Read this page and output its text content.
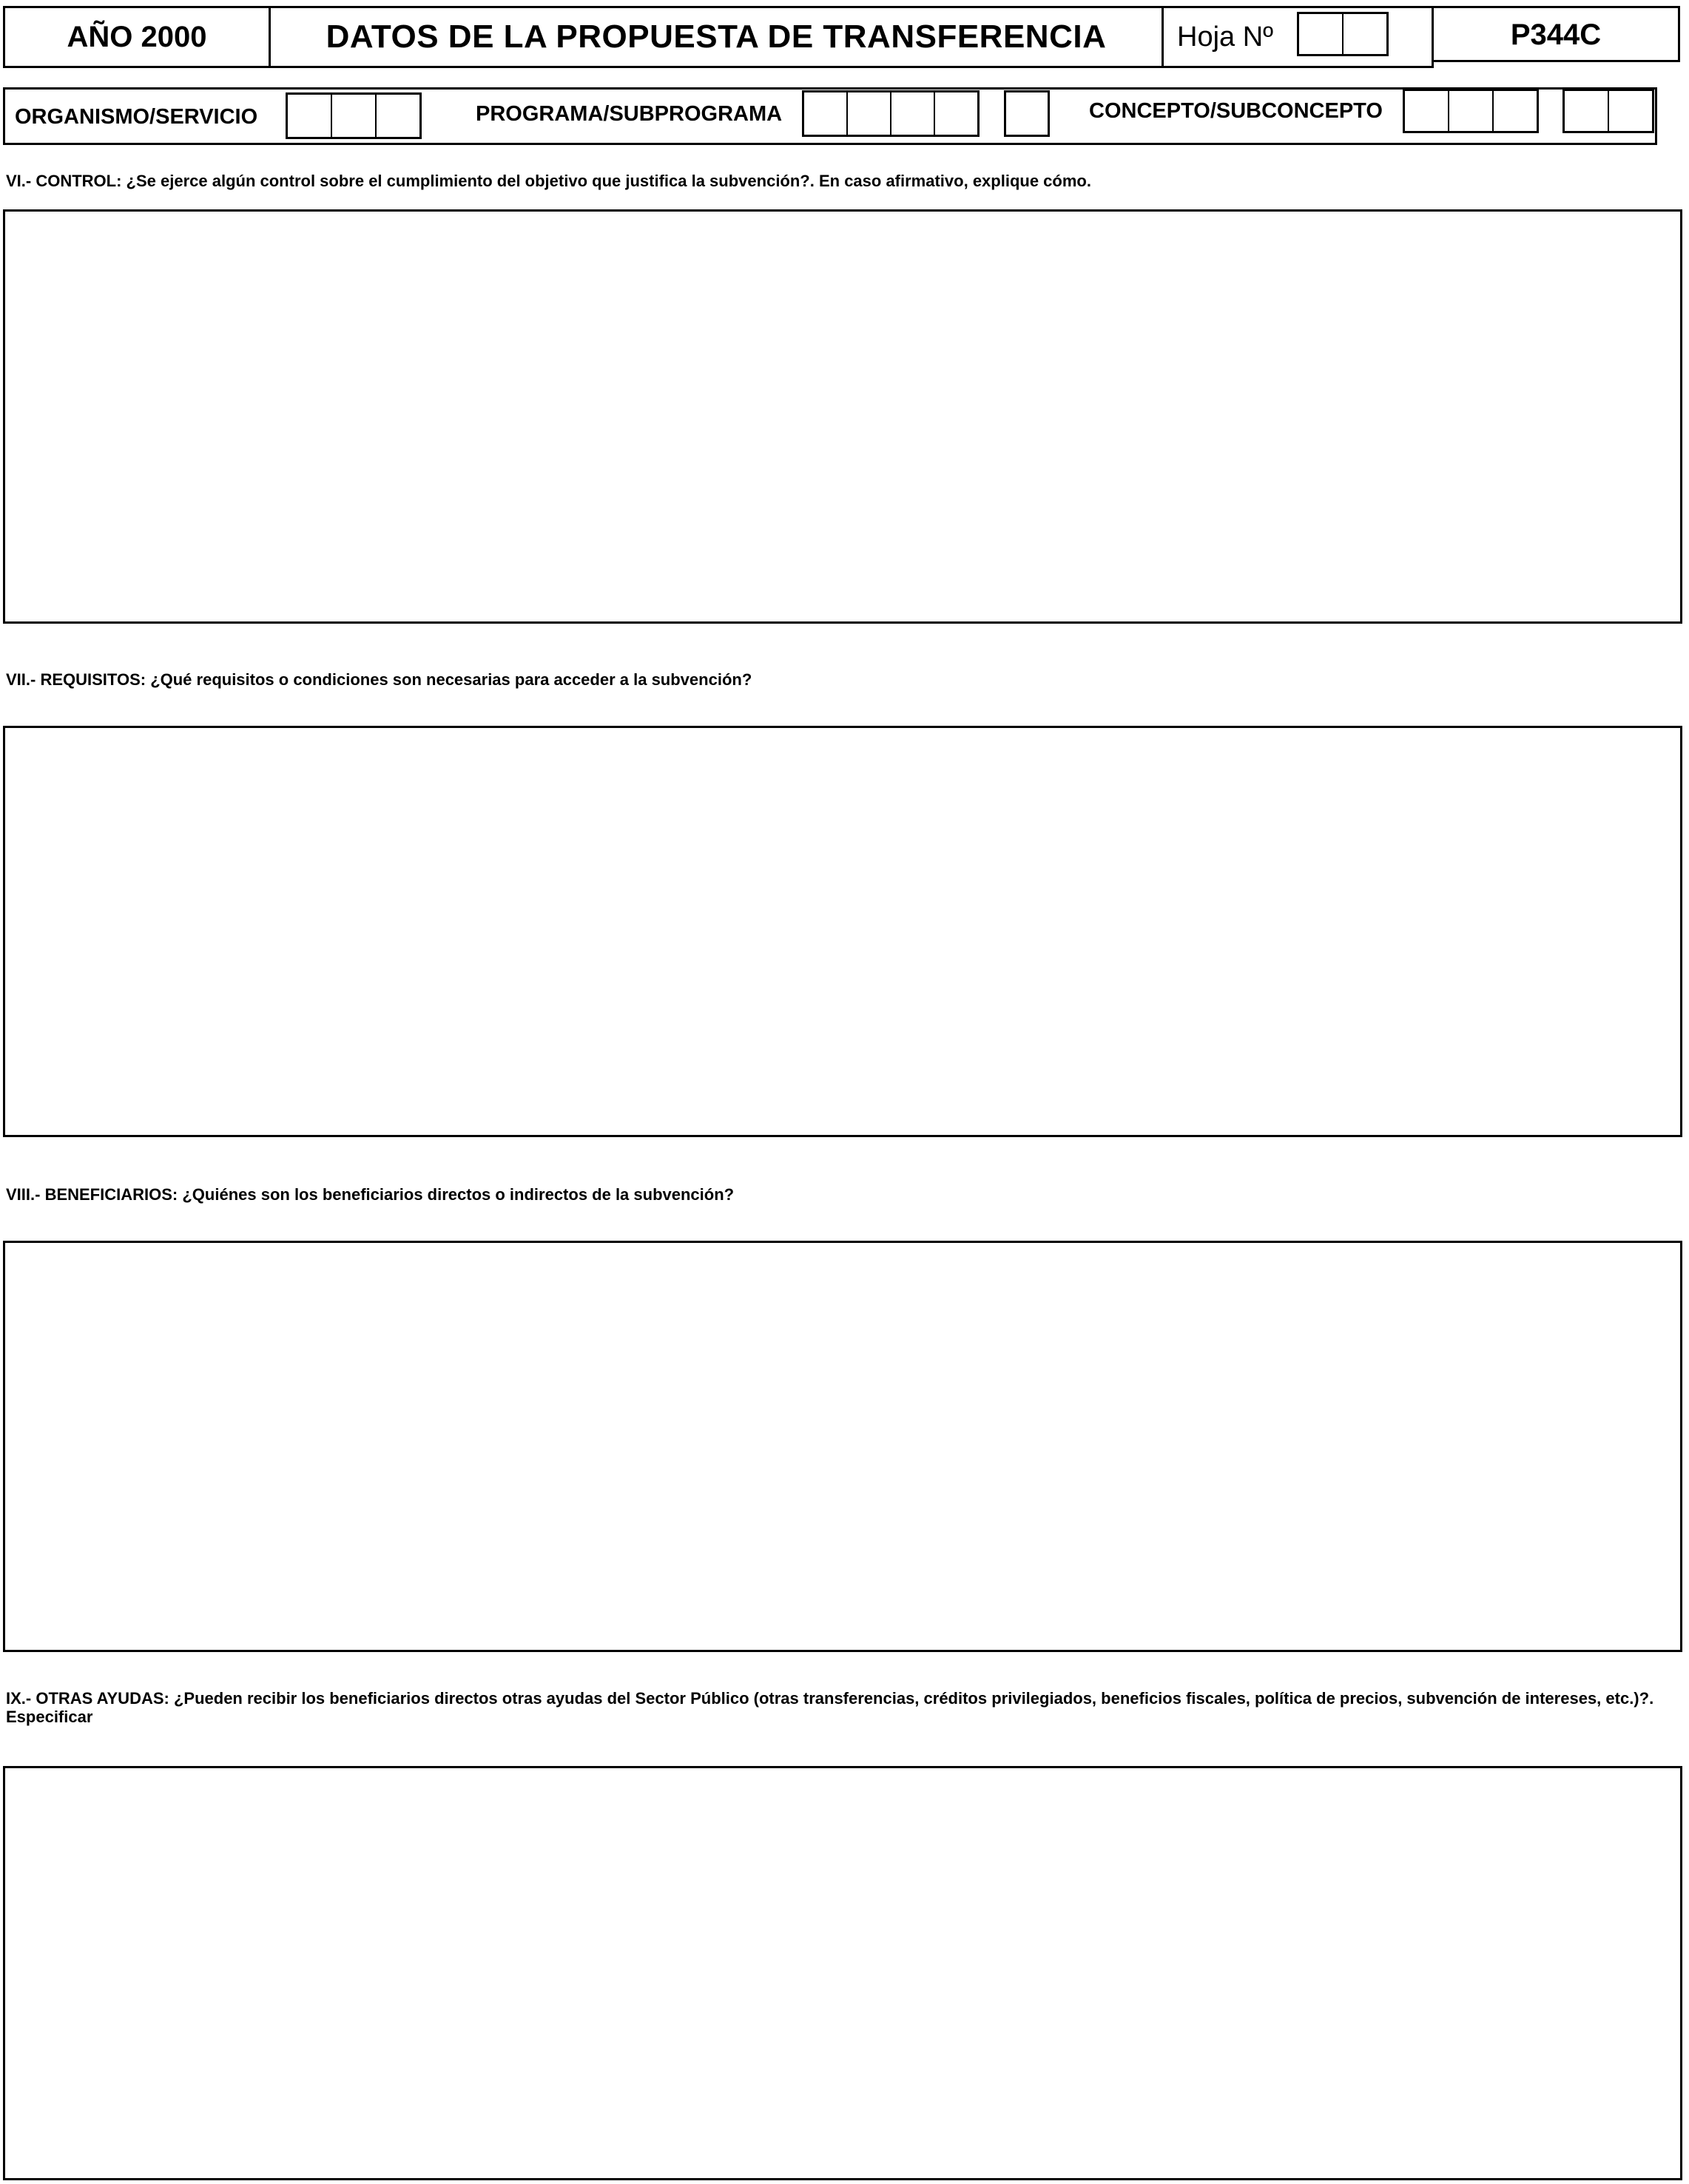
AÑO 2000	DATOS DE LA PROPUESTA DE TRANSFERENCIA	Hoja Nº	P344C
ORGANISMO/SERVICIO	PROGRAMA/SUBPROGRAMA	CONCEPTO/SUBCONCEPTO
VI.- CONTROL: ¿Se ejerce algún control sobre el cumplimiento del objetivo que justifica la subvención?. En caso afirmativo, explique cómo.
VII.- REQUISITOS: ¿Qué requisitos o condiciones son necesarias para acceder a la subvención?
VIII.- BENEFICIARIOS: ¿Quiénes son los beneficiarios directos o indirectos de la subvención?
IX.- OTRAS AYUDAS: ¿Pueden recibir los beneficiarios directos otras ayudas del Sector Público (otras transferencias, créditos privilegiados, beneficios fiscales, política de precios, subvención de intereses, etc.)?. Especificar
